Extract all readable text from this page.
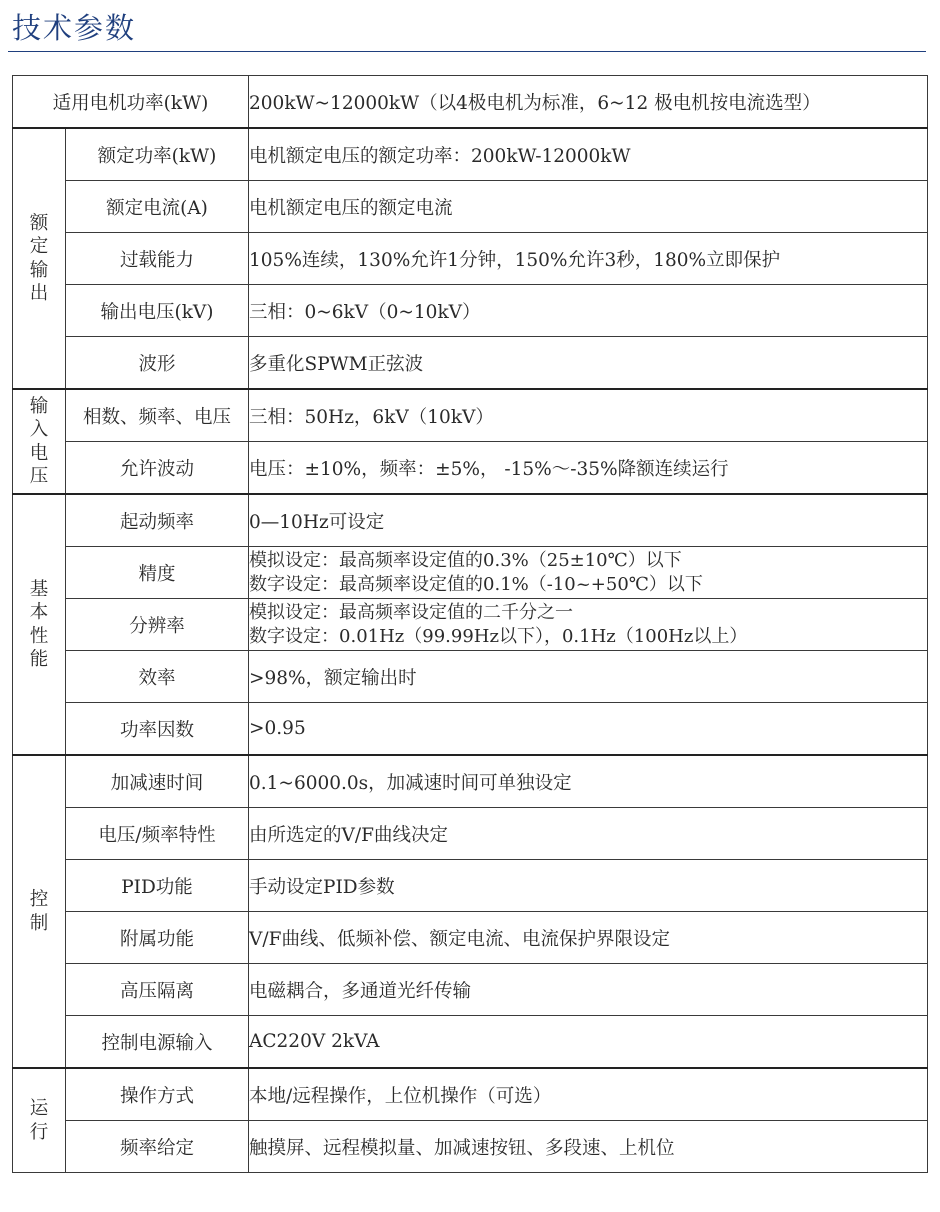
技术参数
适用电机功率(kW)		200kW~12000kW（以4极电机为标准，6~12 极电机按电流选型）
额定输出	额定功率(kW)	电机额定电压的额定功率：200kW-12000kW
	额定电流(A)	电机额定电压的额定电流
	过载能力	105%连续，130%允许1分钟，150%允许3秒，180%立即保护
	输出电压(kV)	三相：0~6kV（0~10kV）
	波形	多重化SPWM正弦波
输入电压	相数、频率、电压	三相：50Hz，6kV（10kV）
	允许波动	电压：±10%，频率：±5%， -15%～-35%降额连续运行
基本性能	起动频率	0—10Hz可设定
	精度	模拟设定：最高频率设定值的0.3%（25±10℃）以下
数字设定：最高频率设定值的0.1%（-10~+50℃）以下

	分辨率	模拟设定：最高频率设定值的二千分之一
数字设定：0.01Hz（99.99Hz以下），0.1Hz（100Hz以上）

	效率	>98%，额定输出时
	功率因数	>0.95
控制	加减速时间	0.1~6000.0s，加减速时间可单独设定
	电压/频率特性	由所选定的V/F曲线决定
	PID功能	手动设定PID参数
	附属功能	V/F曲线、低频补偿、额定电流、电流保护界限设定
	高压隔离	电磁耦合，多通道光纤传输
	控制电源输入	AC220V 2kVA
运行	操作方式	本地/远程操作，上位机操作（可选）
	频率给定	触摸屏、远程模拟量、加减速按钮、多段速、上机位
